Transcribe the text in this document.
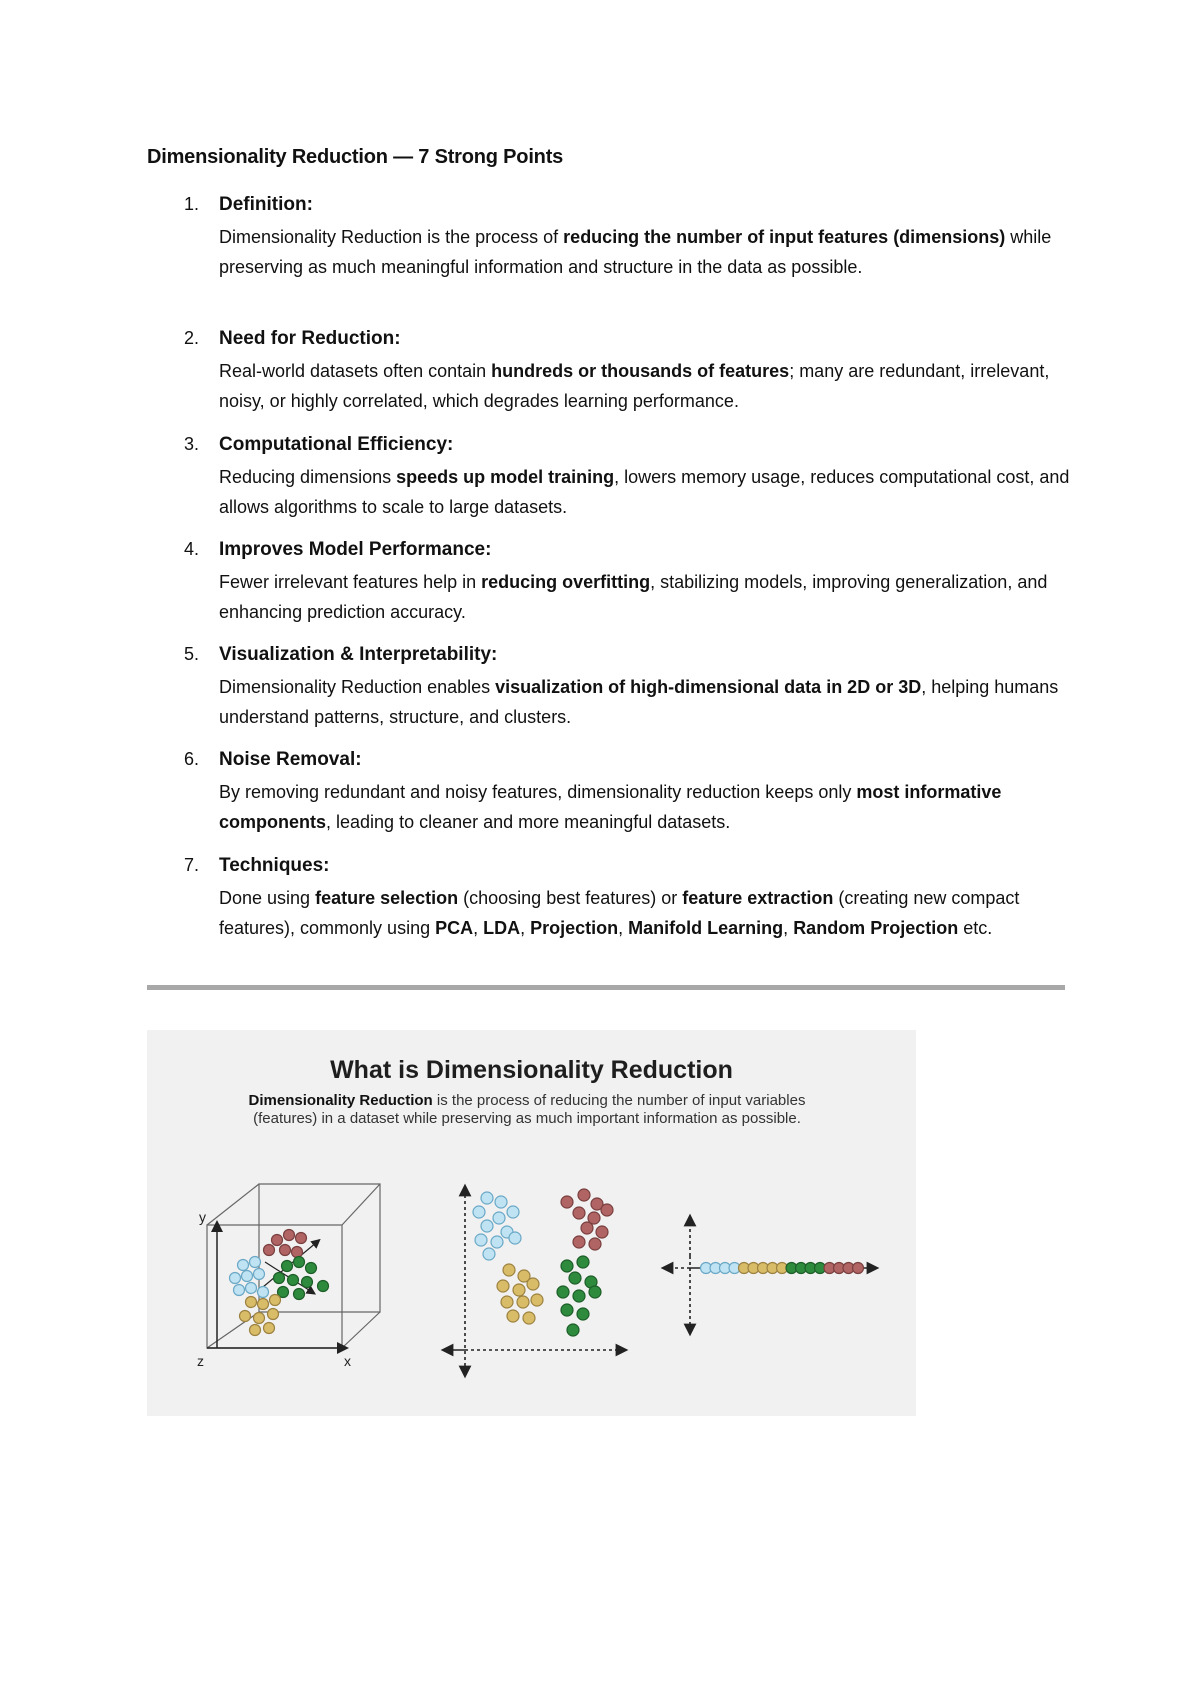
Dimensionality Reduction — 7 Strong Points
1. Definition:
Dimensionality Reduction is the process of reducing the number of input features (dimensions) while preserving as much meaningful information and structure in the data as possible.
2. Need for Reduction:
Real-world datasets often contain hundreds or thousands of features; many are redundant, irrelevant, noisy, or highly correlated, which degrades learning performance.
3. Computational Efficiency:
Reducing dimensions speeds up model training, lowers memory usage, reduces computational cost, and allows algorithms to scale to large datasets.
4. Improves Model Performance:
Fewer irrelevant features help in reducing overfitting, stabilizing models, improving generalization, and enhancing prediction accuracy.
5. Visualization & Interpretability:
Dimensionality Reduction enables visualization of high-dimensional data in 2D or 3D, helping humans understand patterns, structure, and clusters.
6. Noise Removal:
By removing redundant and noisy features, dimensionality reduction keeps only most informative components, leading to cleaner and more meaningful datasets.
7. Techniques:
Done using feature selection (choosing best features) or feature extraction (creating new compact features), commonly using PCA, LDA, Projection, Manifold Learning, Random Projection etc.
What is Dimensionality Reduction
Dimensionality Reduction is the process of reducing the number of input variables (features) in a dataset while preserving as much important information as possible.
y
z	x
